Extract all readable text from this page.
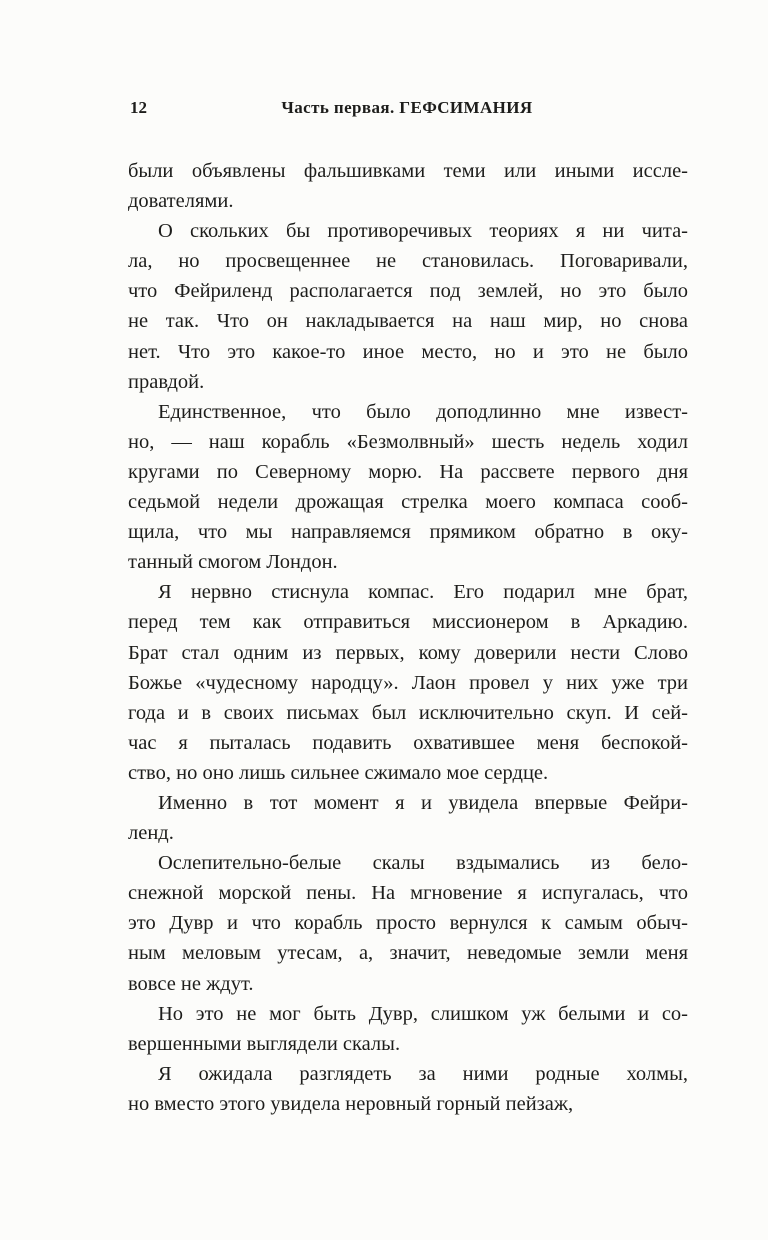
12	Часть первая. ГЕФСИМАНИЯ
были объявлены фальшивками теми или иными иссле-
дователями.
О скольких бы противоречивых теориях я ни чита-
ла, но просвещеннее не становилась. Поговаривали,
что Фейриленд располагается под землей, но это было
не так. Что он накладывается на наш мир, но снова
нет. Что это какое-то иное место, но и это не было
правдой.
Единственное, что было доподлинно мне извест-
но, — наш корабль «Безмолвный» шесть недель ходил
кругами по Северному морю. На рассвете первого дня
седьмой недели дрожащая стрелка моего компаса сооб-
щила, что мы направляемся прямиком обратно в оку-
танный смогом Лондон.
Я нервно стиснула компас. Его подарил мне брат,
перед тем как отправиться миссионером в Аркадию.
Брат стал одним из первых, кому доверили нести Слово
Божье «чудесному народцу». Лаон провел у них уже три
года и в своих письмах был исключительно скуп. И сей-
час я пыталась подавить охватившее меня беспокой-
ство, но оно лишь сильнее сжимало мое сердце.
Именно в тот момент я и увидела впервые Фейри-
ленд.
Ослепительно-белые скалы вздымались из бело-
снежной морской пены. На мгновение я испугалась, что
это Дувр и что корабль просто вернулся к самым обыч-
ным меловым утесам, а, значит, неведомые земли меня
вовсе не ждут.
Но это не мог быть Дувр, слишком уж белыми и со-
вершенными выглядели скалы.
Я ожидала разглядеть за ними родные холмы,
но вместо этого увидела неровный горный пейзаж,
